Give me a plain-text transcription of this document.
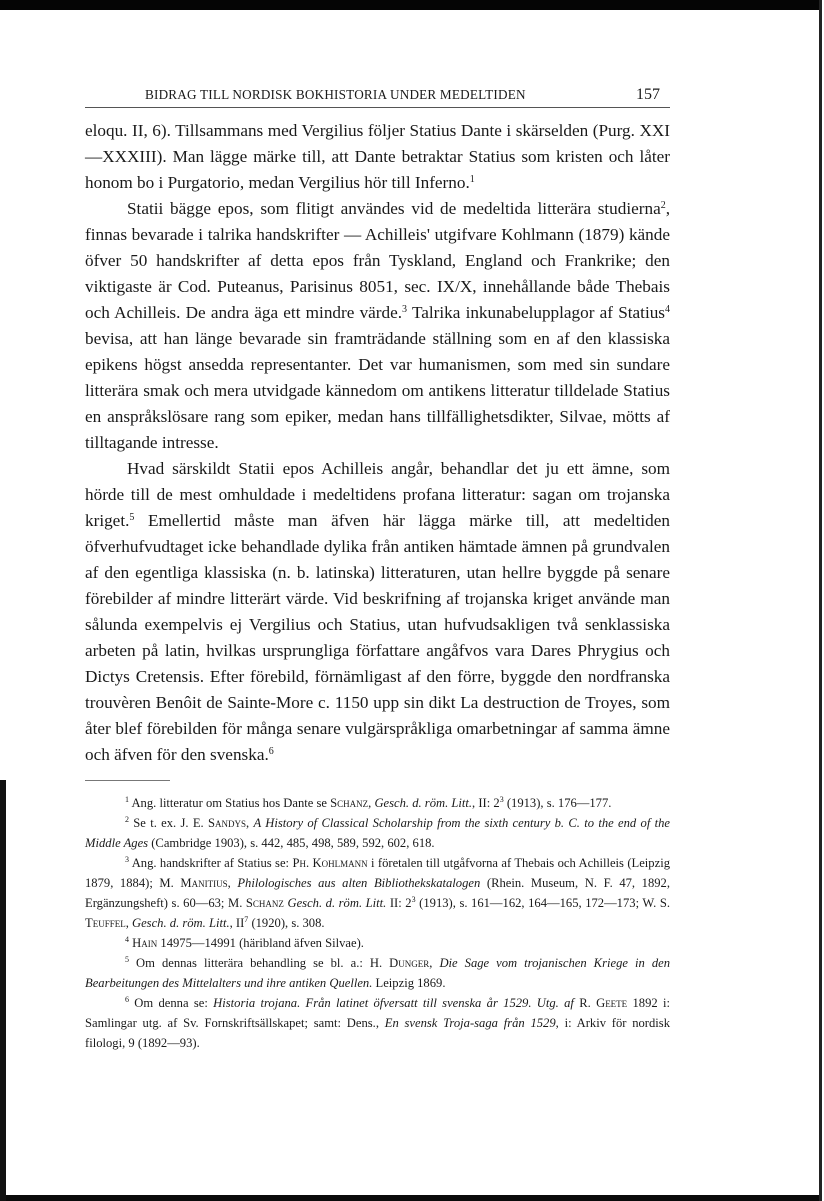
BIDRAG TILL NORDISK BOKHISTORIA UNDER MEDELTIDEN	157

eloqu. II, 6). Tillsammans med Vergilius följer Statius Dante i skärselden (Purg. XXI—XXXIII). Man lägge märke till, att Dante betraktar Statius som kristen och låter honom bo i Purgatorio, medan Vergilius hör till Inferno.$^1$

Statii bägge epos, som flitigt användes vid de medeltida litterära studierna$^2$, finnas bevarade i talrika handskrifter — Achilleis' utgifvare Kohlmann (1879) kände öfver 50 handskrifter af detta epos från Tyskland, England och Frankrike; den viktigaste är Cod. Puteanus, Parisinus 8051, sec. IX/X, innehållande både Thebais och Achilleis. De andra äga ett mindre värde.$^3$ Talrika inkunabelupplagor af Statius$^4$ bevisa, att han länge bevarade sin framträdande ställning som en af den klassiska epikens högst ansedda representanter. Det var humanismen, som med sin sundare litterära smak och mera utvidgade kännedom om antikens litteratur tilldelade Statius en anspråkslösare rang som epiker, medan hans tillfällighetsdikter, Silvae, mötts af tilltagande intresse.

Hvad särskildt Statii epos Achilleis angår, behandlar det ju ett ämne, som hörde till de mest omhuldade i medeltidens profana litteratur: sagan om trojanska kriget.$^5$ Emellertid måste man äfven här lägga märke till, att medeltiden öfverhufvudtaget icke behandlade dylika från antiken hämtade ämnen på grundvalen af den egentliga klassiska (n. b. latinska) litteraturen, utan hellre byggde på senare förebilder af mindre litterärt värde. Vid beskrifning af trojanska kriget använde man sålunda exempelvis ej Vergilius och Statius, utan hufvudsakligen två senklassiska arbeten på latin, hvilkas ursprungliga författare angåfvos vara Dares Phrygius och Dictys Cretensis. Efter förebild, förnämligast af den förre, byggde den nordfranska trouvèren Benôit de Sainte-More c. 1150 upp sin dikt La destruction de Troyes, som åter blef förebilden för många senare vulgärspråkliga omarbetningar af samma ämne och äfven för den svenska.$^6$

$^1$ Ang. litteratur om Statius hos Dante se Schanz, Gesch. d. röm. Litt., II: $2^3$ (1913), s. 176—177.

$^2$ Se t. ex. J. E. Sandys, A History of Classical Scholarship from the sixth century b. C. to the end of the Middle Ages (Cambridge 1903), s. 442, 485, 498, 589, 592, 602, 618.

$^3$ Ang. handskrifter af Statius se: Ph. Kohlmann i företalen till utgåfvorna af Thebais och Achilleis (Leipzig 1879, 1884); M. Manitius, Philologisches aus alten Bibliothekskatalogen (Rhein. Museum, N. F. 47, 1892, Ergänzungsheft) s. 60—63; M. Schanz Gesch. d. röm. Litt. II: $2^3$ (1913), s. 161—162, 164—165, 172—173; W. S. Teuffel, Gesch. d. röm. Litt., $II^7$ (1920), s. 308.

$^4$ Hain 14975—14991 (häribland äfven Silvae).

$^5$ Om dennas litterära behandling se bl. a.: H. Dunger, Die Sage vom trojanischen Kriege in den Bearbeitungen des Mittelalters und ihre antiken Quellen. Leipzig 1869.

$^6$ Om denna se: Historia trojana. Från latinet öfversatt till svenska år 1529. Utg. af R. Geete 1892 i: Samlingar utg. af Sv. Fornskriftsällskapet; samt: Dens., En svensk Troja-saga från 1529, i: Arkiv för nordisk filologi, 9 (1892—93).
